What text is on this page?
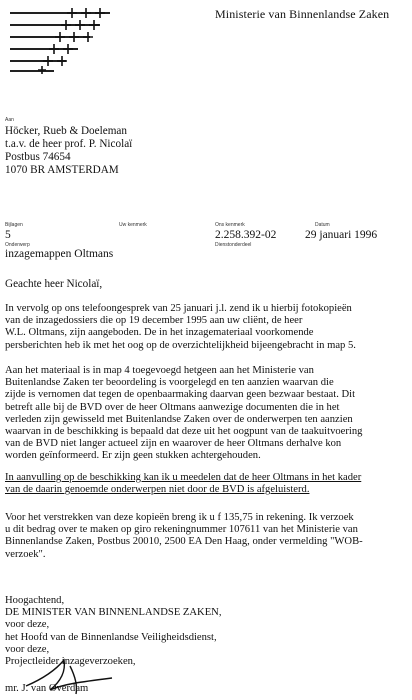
Ministerie van Binnenlandse Zaken
Aan
Höcker, Rueb & Doeleman
t.a.v. de heer prof. P. Nicolaï
Postbus 74654
1070 BR AMSTERDAM
Bijlagen
5
Uw kenmerk	Ons kenmerk
2.258.392-02
Datum
29 januari 1996
Onderwerp	Dienstonderdeel
inzagemappen Oltmans
Geachte heer Nicolaï,
In vervolg op ons telefoongesprek van 25 januari j.l. zend ik u hierbij fotokopieën
van de inzagedossiers die op 19 december 1995 aan uw cliënt, de heer
W.L. Oltmans, zijn aangeboden. De in het inzagemateriaal voorkomende
persberichten heb ik met het oog op de overzichtelijkheid bijeengebracht in map 5.
Aan het materiaal is in map 4 toegevoegd hetgeen aan het Ministerie van
Buitenlandse Zaken ter beoordeling is voorgelegd en ten aanzien waarvan die
zijde is vernomen dat tegen de openbaarmaking daarvan geen bezwaar bestaat. Dit
betreft alle bij de BVD over de heer Oltmans aanwezige documenten die in het
verleden zijn gewisseld met Buitenlandse Zaken over de onderwerpen ten aanzien
waarvan in de beschikking is bepaald dat deze uit het oogpunt van de taakuitvoering
van de BVD niet langer actueel zijn en waarover de heer Oltmans derhalve kon
worden geïnformeerd. Er zijn geen stukken achtergehouden.
In aanvulling op de beschikking kan ik u meedelen dat de heer Oltmans in het kader
van de daarin genoemde onderwerpen niet door de BVD is afgeluisterd.
Voor het verstrekken van deze kopieën breng ik u f 135,75 in rekening. Ik verzoek
u dit bedrag over te maken op giro rekeningnummer 107611 van het Ministerie van
Binnenlandse Zaken, Postbus 20010, 2500 EA Den Haag, onder vermelding "WOB-
verzoek".
Hoogachtend,
DE MINISTER VAN BINNENLANDSE ZAKEN,
voor deze,
het Hoofd van de Binnenlandse Veiligheidsdienst,
voor deze,
Projectleider inzageverzoeken,
mr. J. van Overdam
